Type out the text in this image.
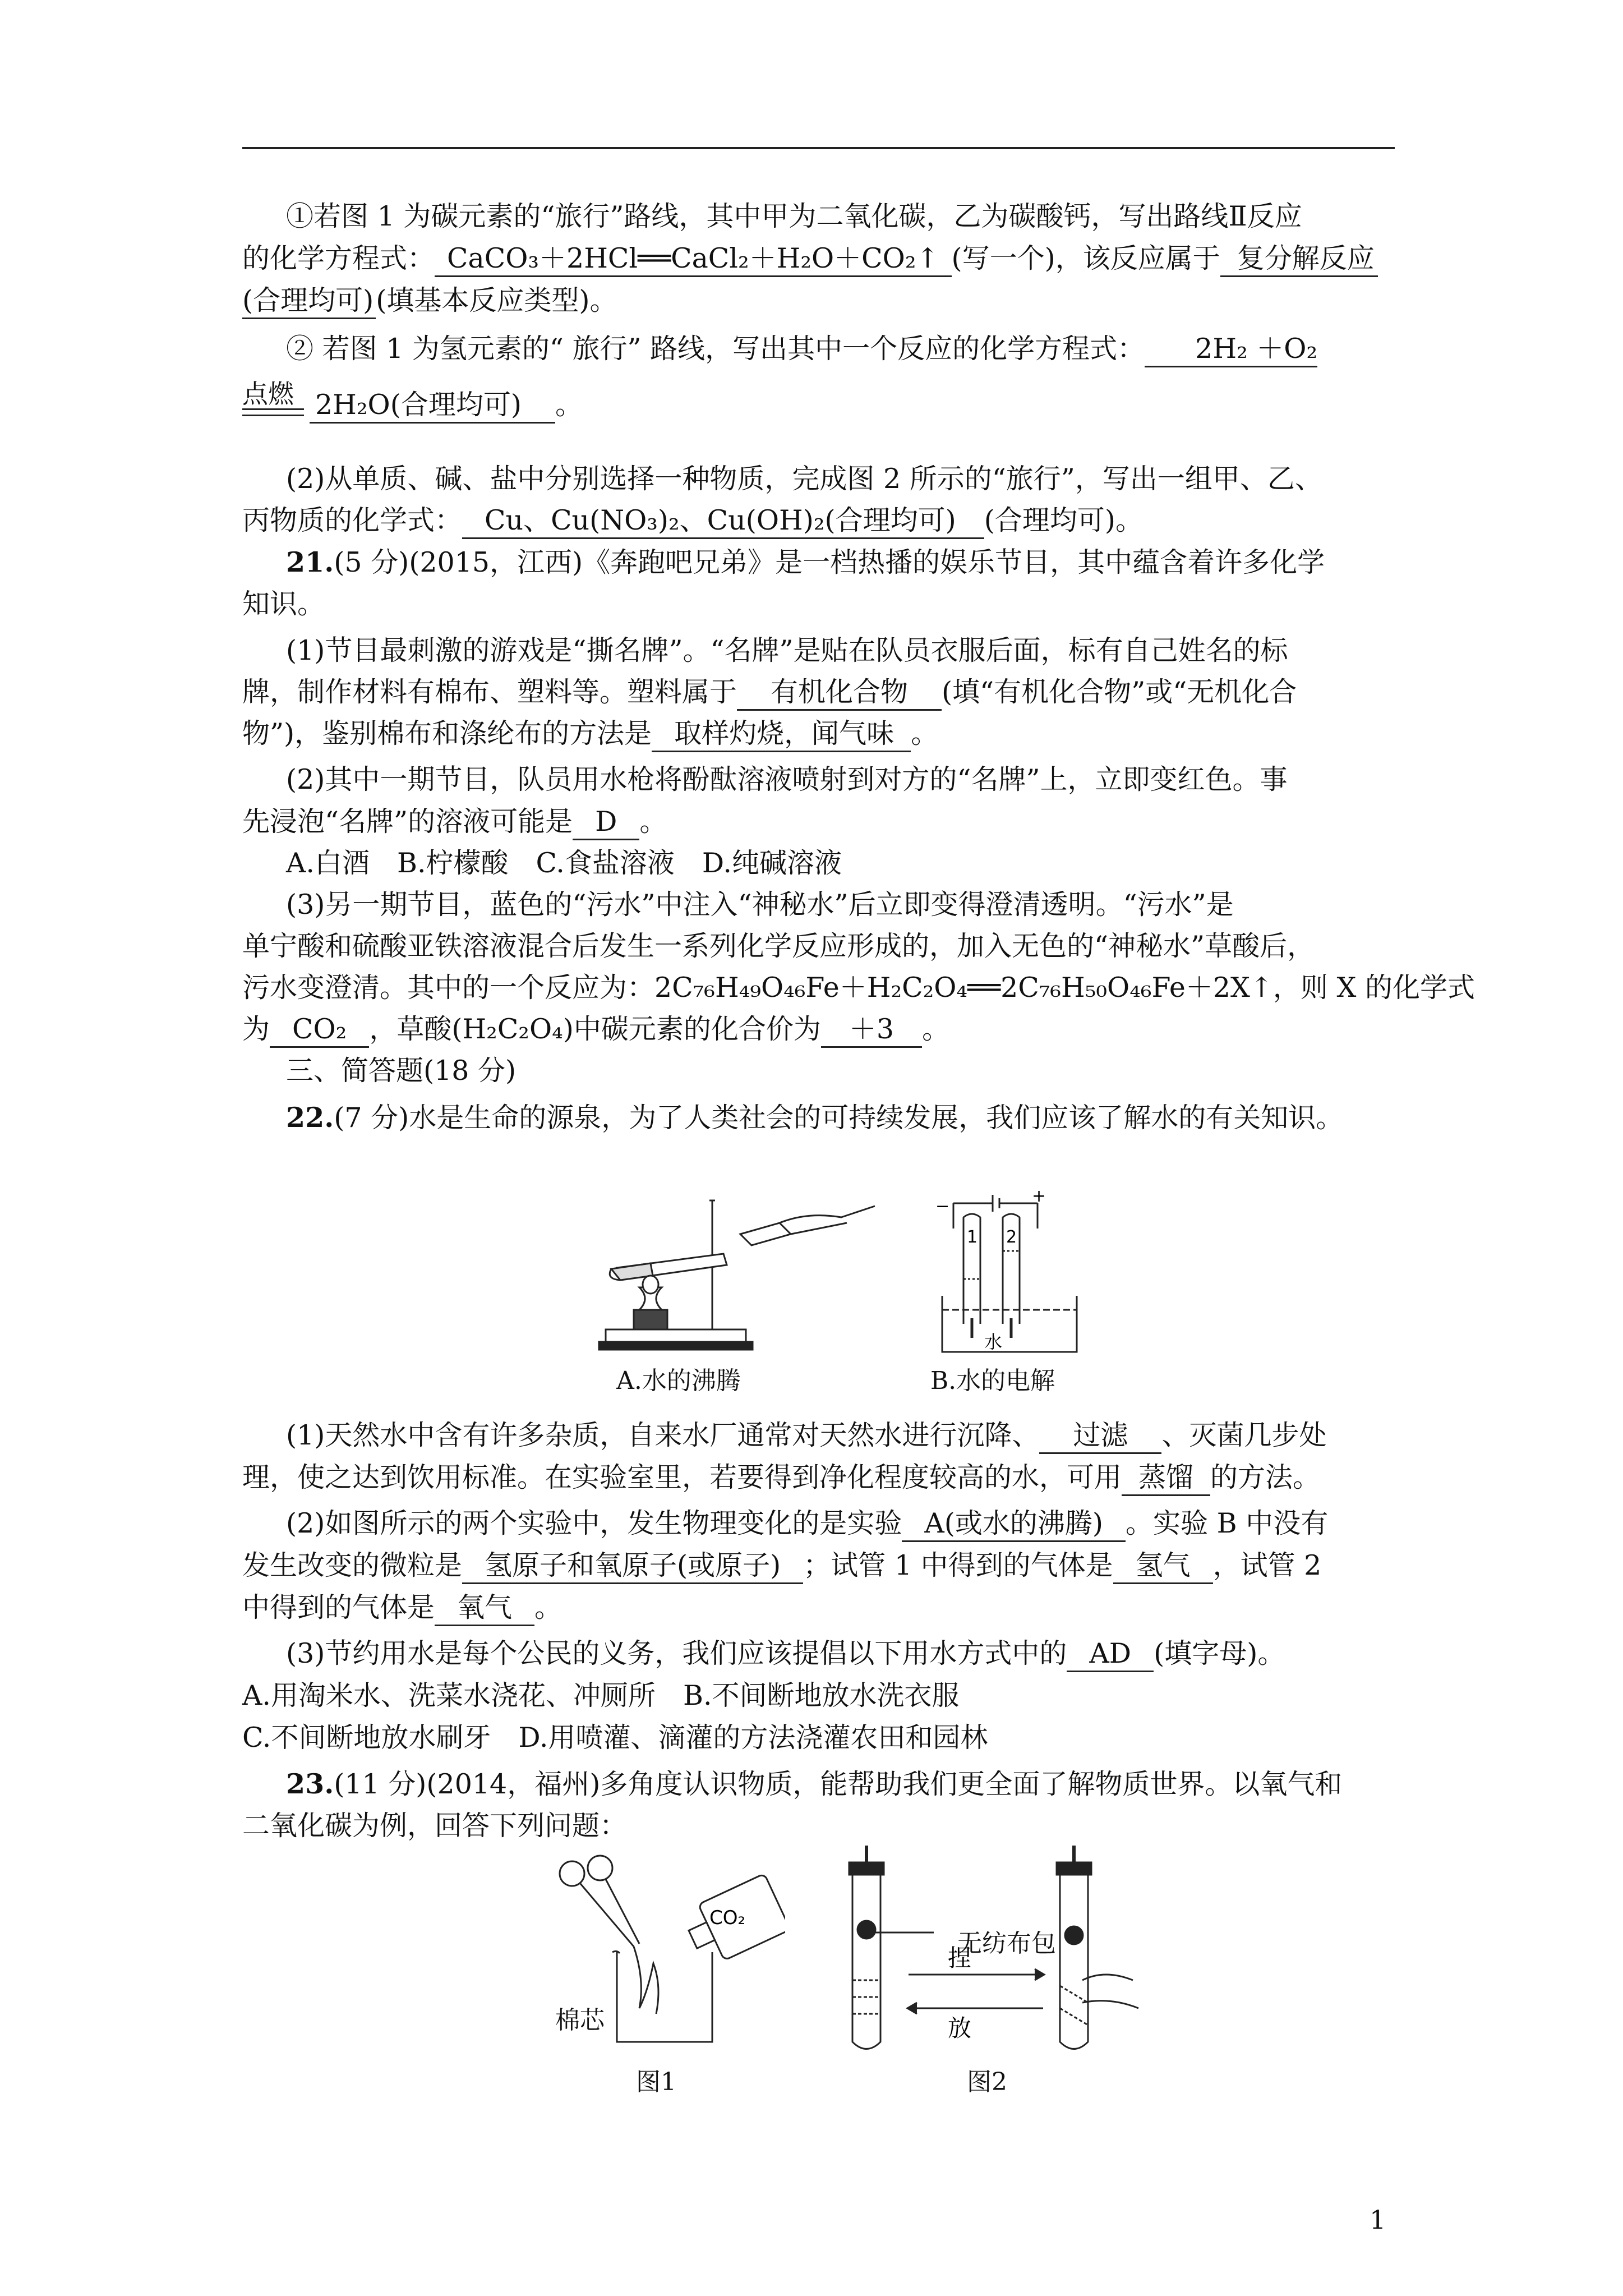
①若图 1 为碳元素的“旅行”路线，其中甲为二氧化碳，乙为碳酸钙，写出路线Ⅱ反应
的化学方程式： CaCO₃＋2HCl══CaCl₂＋H₂O＋CO₂↑ (写一个)，该反应属于 复分解反应
(合理均可)(填基本反应类型)。
② 若图 1 为氢元素的“ 旅行” 路线，写出其中一个反应的化学方程式： 2H₂ ＋O₂
点燃 2H₂O(合理均可) 。
(2)从单质、碱、盐中分别选择一种物质，完成图 2 所示的“旅行”，写出一组甲、乙、
丙物质的化学式： Cu、Cu(NO₃)₂、Cu(OH)₂(合理均可) (合理均可)。
21.(5 分)(2015，江西)《奔跑吧兄弟》是一档热播的娱乐节目，其中蕴含着许多化学
知识。
(1)节目最刺激的游戏是“撕名牌”。“名牌”是贴在队员衣服后面，标有自己姓名的标
牌，制作材料有棉布、塑料等。塑料属于 有机化合物 (填“有机化合物”或“无机化合
物”)，鉴别棉布和涤纶布的方法是 取样灼烧，闻气味 。
(2)其中一期节目，队员用水枪将酚酞溶液喷射到对方的“名牌”上，立即变红色。事
先浸泡“名牌”的溶液可能是 D 。
A.白酒　B.柠檬酸　C.食盐溶液　D.纯碱溶液
(3)另一期节目，蓝色的“污水”中注入“神秘水”后立即变得澄清透明。“污水”是
单宁酸和硫酸亚铁溶液混合后发生一系列化学反应形成的，加入无色的“神秘水”草酸后，
污水变澄清。其中的一个反应为：2C₇₆H₄₉O₄₆Fe＋H₂C₂O₄══2C₇₆H₅₀O₄₆Fe＋2X↑，则 X 的化学式
为 CO₂ ，草酸(H₂C₂O₄)中碳元素的化合价为 ＋3 。
三、简答题(18 分)
22.(7 分)水是生命的源泉，为了人类社会的可持续发展，我们应该了解水的有关知识。
A.水的沸腾
−
+
1 2
水
B.水的电解
(1)天然水中含有许多杂质，自来水厂通常对天然水进行沉降、 过滤 、灭菌几步处
理，使之达到饮用标准。在实验室里，若要得到净化程度较高的水，可用 蒸馏 的方法。
(2)如图所示的两个实验中，发生物理变化的是实验 A(或水的沸腾) 。实验 B 中没有
发生改变的微粒是 氢原子和氧原子(或原子) ；试管 1 中得到的气体是 氢气 ，试管 2
中得到的气体是 氧气 。
(3)节约用水是每个公民的义务，我们应该提倡以下用水方式中的 AD (填字母)。
A.用淘米水、洗菜水浇花、冲厕所　B.不间断地放水洗衣服
C.不间断地放水刷牙　D.用喷灌、滴灌的方法浇灌农田和园林
23.(11 分)(2014，福州)多角度认识物质，能帮助我们更全面了解物质世界。以氧气和
二氧化碳为例，回答下列问题：
CO₂
棉芯
图1
捏
放
无纺布包
图2
1
